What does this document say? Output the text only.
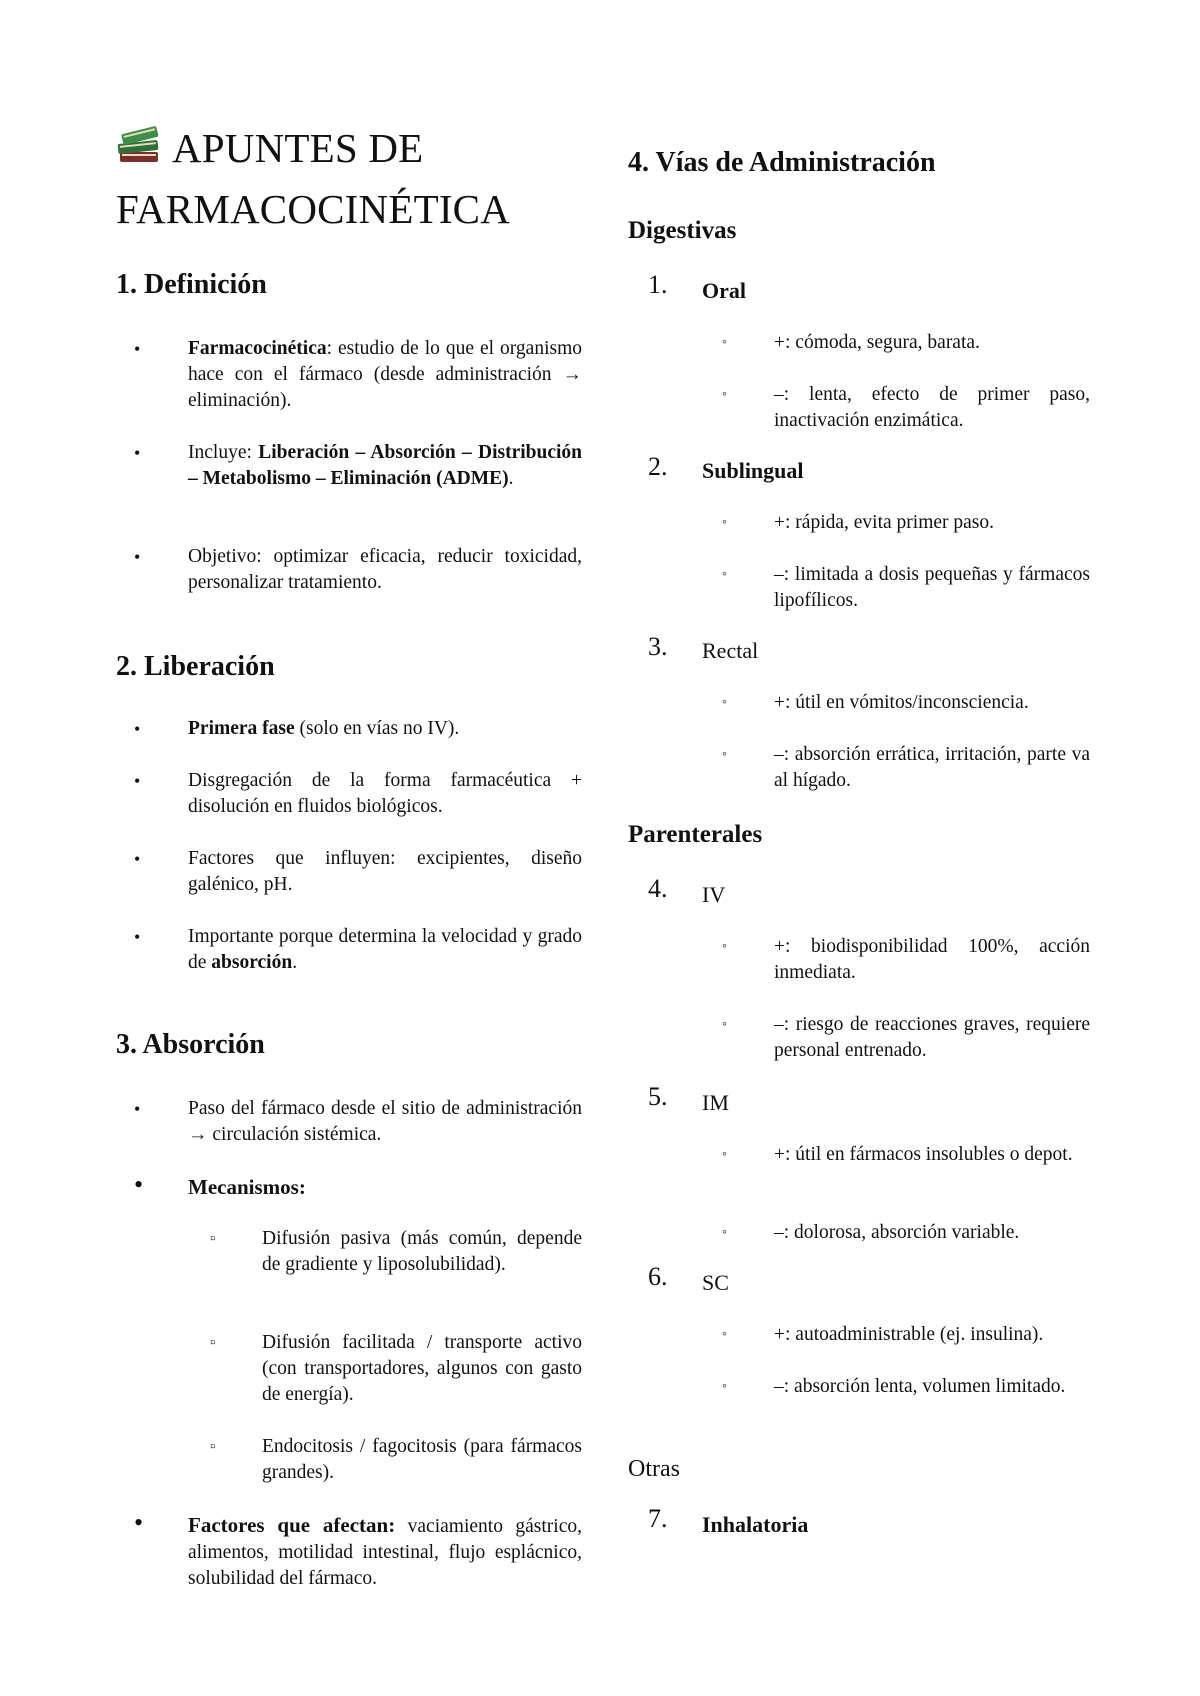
APUNTES DE
FARMACOCINÉTICA
1. Definición
• Farmacocinética: estudio de lo que el organismo hace con el fármaco (desde administración → eliminación).
• Incluye: Liberación – Absorción – Distribución – Metabolismo – Eliminación (ADME).
• Objetivo: optimizar eficacia, reducir toxicidad, personalizar tratamiento.
2. Liberación
• Primera fase (solo en vías no IV).
• Disgregación de la forma farmacéutica + disolución en fluidos biológicos.
• Factores que influyen: excipientes, diseño galénico, pH.
• Importante porque determina la velocidad y grado de absorción.
3. Absorción
• Paso del fármaco desde el sitio de administración → circulación sistémica.
• Mecanismos:
▫ Difusión pasiva (más común, depende de gradiente y liposolubilidad).
▫ Difusión facilitada / transporte activo (con transportadores, algunos con gasto de energía).
▫ Endocitosis / fagocitosis (para fármacos grandes).
• Factores que afectan: vaciamiento gástrico, alimentos, motilidad intestinal, flujo esplácnico, solubilidad del fármaco.
4. Vías de Administración
Digestivas
1. Oral
◦ +: cómoda, segura, barata.
◦ –: lenta, efecto de primer paso, inactivación enzimática.
2. Sublingual
◦ +: rápida, evita primer paso.
◦ –: limitada a dosis pequeñas y fármacos lipofílicos.
3. Rectal
◦ +: útil en vómitos/inconsciencia.
◦ –: absorción errática, irritación, parte va al hígado.
Parenterales
4. IV
◦ +: biodisponibilidad 100%, acción inmediata.
◦ –: riesgo de reacciones graves, requiere personal entrenado.
5. IM
◦ +: útil en fármacos insolubles o depot.
◦ –: dolorosa, absorción variable.
6. SC
◦ +: autoadministrable (ej. insulina).
◦ –: absorción lenta, volumen limitado.
Otras
7. Inhalatoria
